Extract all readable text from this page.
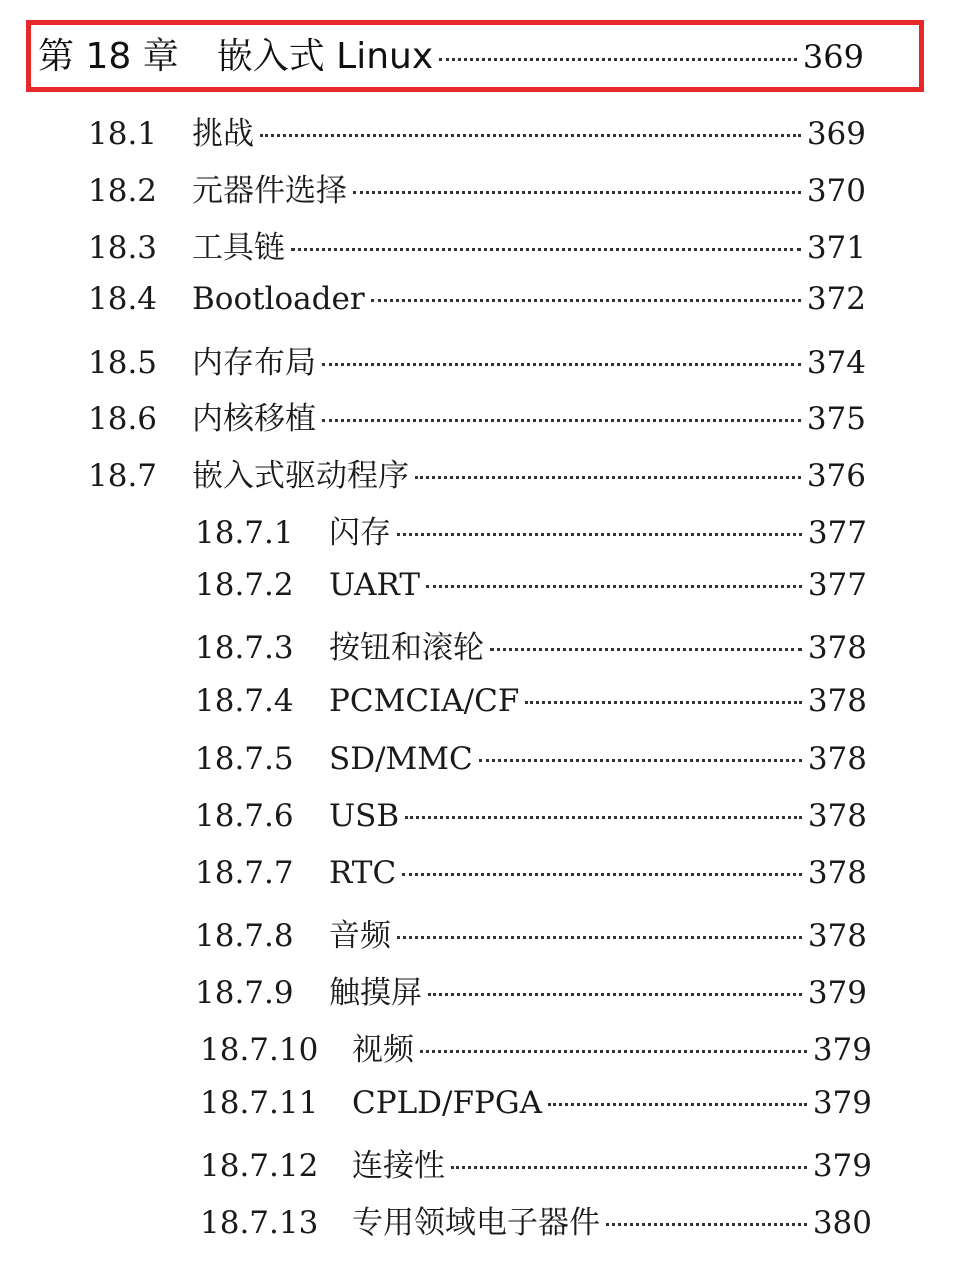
第 18 章 嵌入式 Linux	369
18.1	挑战	369
18.2	元器件选择	370
18.3	工具链	371
18.4	Bootloader	372
18.5	内存布局	374
18.6	内核移植	375
18.7	嵌入式驱动程序	376
18.7.1	闪存	377
18.7.2	UART	377
18.7.3	按钮和滚轮	378
18.7.4	PCMCIA/CF	378
18.7.5	SD/MMC	378
18.7.6	USB	378
18.7.7	RTC	378
18.7.8	音频	378
18.7.9	触摸屏	379
18.7.10	视频	379
18.7.11	CPLD/FPGA	379
18.7.12	连接性	379
18.7.13	专用领域电子器件	380
